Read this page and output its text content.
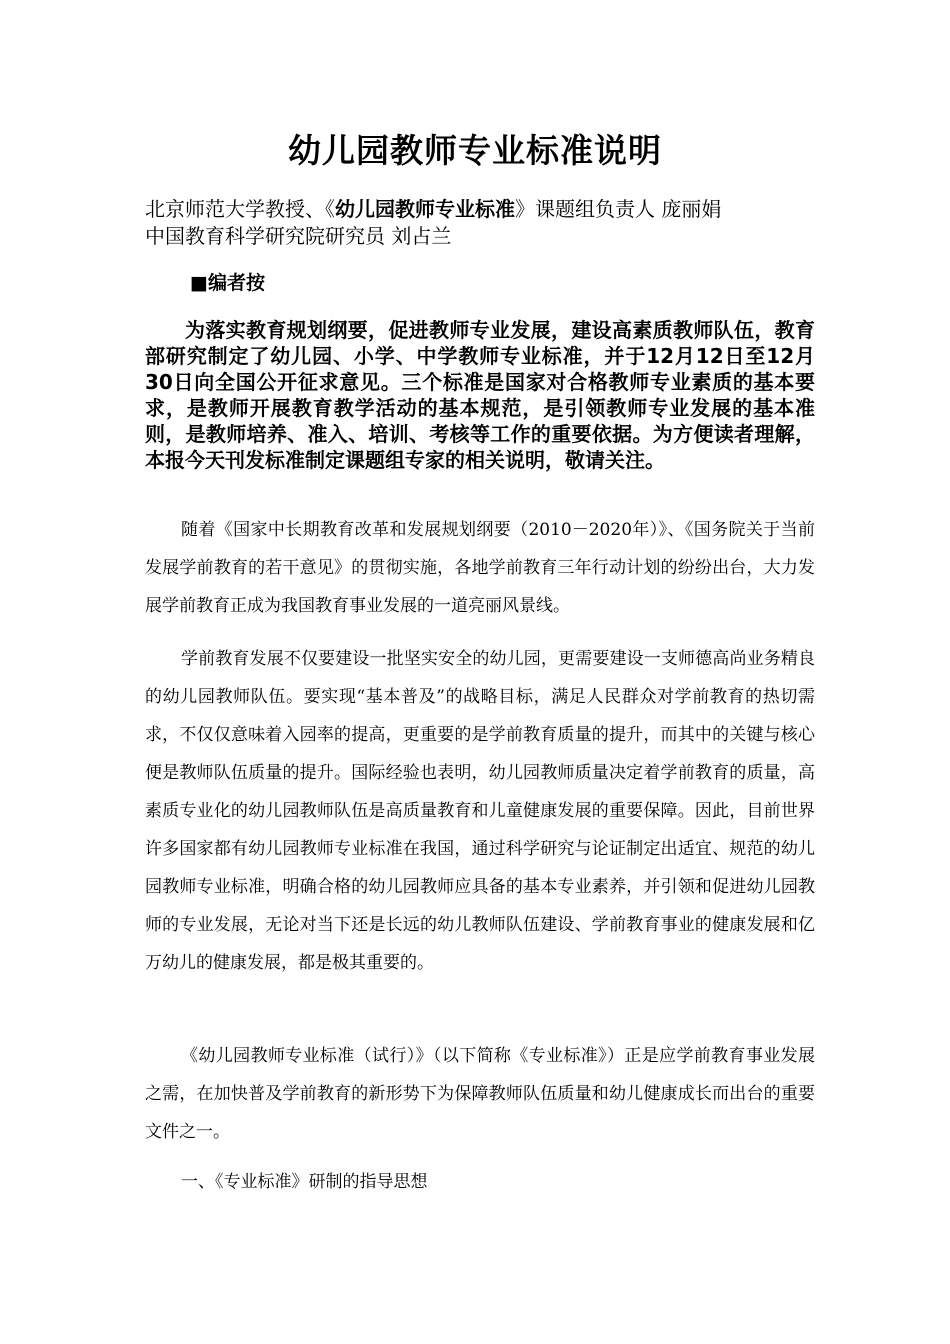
幼儿园教师专业标准说明
北京师范大学教授、《幼儿园教师专业标准》课题组负责人 庞丽娟
中国教育科学研究院研究员 刘占兰
■编者按

为落实教育规划纲要，促进教师专业发展，建设高素质教师队伍，教育部研究制定了幼儿园、小学、中学教师专业标准，并于12月12日至12月30日向全国公开征求意见。三个标准是国家对合格教师专业素质的基本要求，是教师开展教育教学活动的基本规范，是引领教师专业发展的基本准则，是教师培养、准入、培训、考核等工作的重要依据。为方便读者理解，本报今天刊发标准制定课题组专家的相关说明，敬请关注。

随着《国家中长期教育改革和发展规划纲要（2010－2020年）》、《国务院关于当前发展学前教育的若干意见》的贯彻实施，各地学前教育三年行动计划的纷纷出台，大力发展学前教育正成为我国教育事业发展的一道亮丽风景线。

学前教育发展不仅要建设一批坚实安全的幼儿园，更需要建设一支师德高尚业务精良的幼儿园教师队伍。要实现“基本普及”的战略目标，满足人民群众对学前教育的热切需求，不仅仅意味着入园率的提高，更重要的是学前教育质量的提升，而其中的关键与核心便是教师队伍质量的提升。国际经验也表明，幼儿园教师质量决定着学前教育的质量，高素质专业化的幼儿园教师队伍是高质量教育和儿童健康发展的重要保障。因此，目前世界许多国家都有幼儿园教师专业标准在我国，通过科学研究与论证制定出适宜、规范的幼儿园教师专业标准，明确合格的幼儿园教师应具备的基本专业素养，并引领和促进幼儿园教师的专业发展，无论对当下还是长远的幼儿教师队伍建设、学前教育事业的健康发展和亿万幼儿的健康发展，都是极其重要的。

《幼儿园教师专业标准（试行）》（以下简称《专业标准》）正是应学前教育事业发展之需，在加快普及学前教育的新形势下为保障教师队伍质量和幼儿健康成长而出台的重要文件之一。

一、《专业标准》研制的指导思想
